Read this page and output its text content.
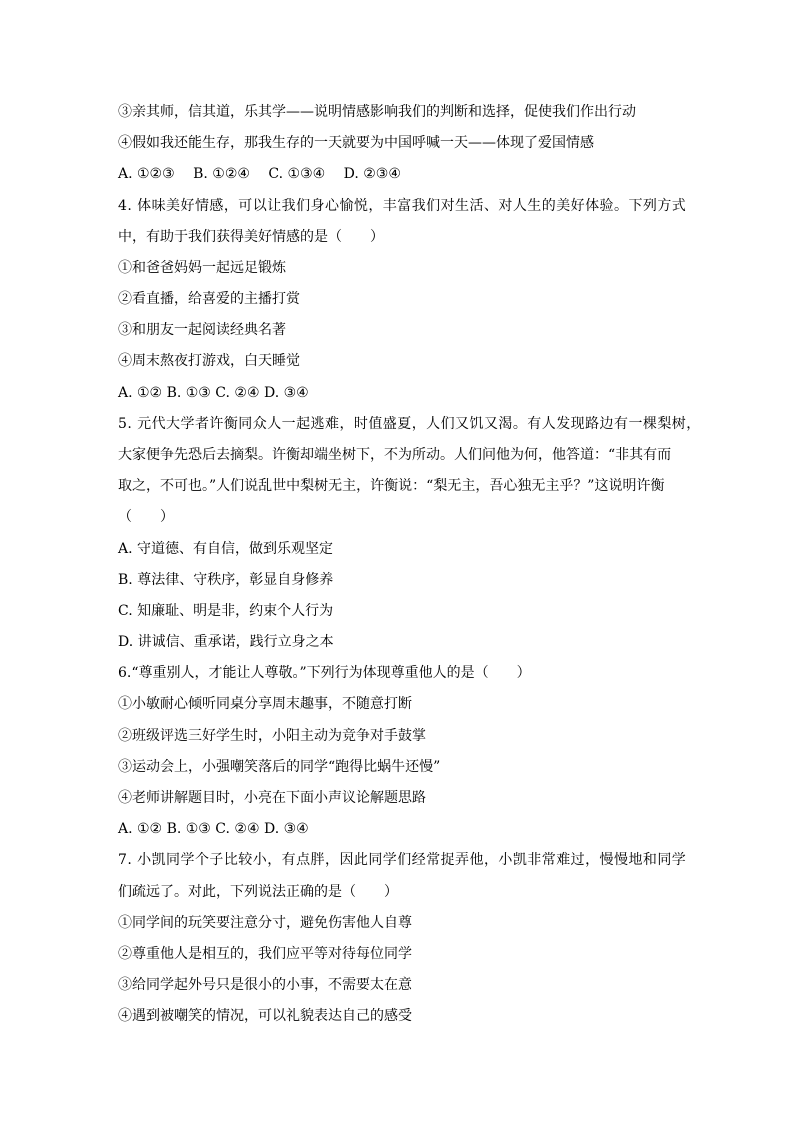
③亲其师，信其道，乐其学——说明情感影响我们的判断和选择，促使我们作出行动
④假如我还能生存，那我生存的一天就要为中国呼喊一天——体现了爱国情感
A. ①②③　 B. ①②④　 C. ①③④　 D. ②③④
4. 体味美好情感，可以让我们身心愉悦，丰富我们对生活、对人生的美好体验。下列方式
中，有助于我们获得美好情感的是（　　）
①和爸爸妈妈一起远足锻炼
②看直播，给喜爱的主播打赏
③和朋友一起阅读经典名著
④周末熬夜打游戏，白天睡觉
A. ①② B. ①③ C. ②④ D. ③④
5. 元代大学者许衡同众人一起逃难，时值盛夏，人们又饥又渴。有人发现路边有一棵梨树，
大家便争先恐后去摘梨。许衡却端坐树下，不为所动。人们问他为何，他答道：“非其有而
取之，不可也。”人们说乱世中梨树无主，许衡说：“梨无主，吾心独无主乎？”这说明许衡
（　　）
A. 守道德、有自信，做到乐观坚定
B. 尊法律、守秩序，彰显自身修养
C. 知廉耻、明是非，约束个人行为
D. 讲诚信、重承诺，践行立身之本
6.“尊重别人，才能让人尊敬。”下列行为体现尊重他人的是（　　）
①小敏耐心倾听同桌分享周末趣事，不随意打断
②班级评选三好学生时，小阳主动为竞争对手鼓掌
③运动会上，小强嘲笑落后的同学“跑得比蜗牛还慢”
④老师讲解题目时，小亮在下面小声议论解题思路
A. ①② B. ①③ C. ②④ D. ③④
7. 小凯同学个子比较小，有点胖，因此同学们经常捉弄他，小凯非常难过，慢慢地和同学
们疏远了。对此，下列说法正确的是（　　）
①同学间的玩笑要注意分寸，避免伤害他人自尊
②尊重他人是相互的，我们应平等对待每位同学
③给同学起外号只是很小的小事，不需要太在意
④遇到被嘲笑的情况，可以礼貌表达自己的感受
